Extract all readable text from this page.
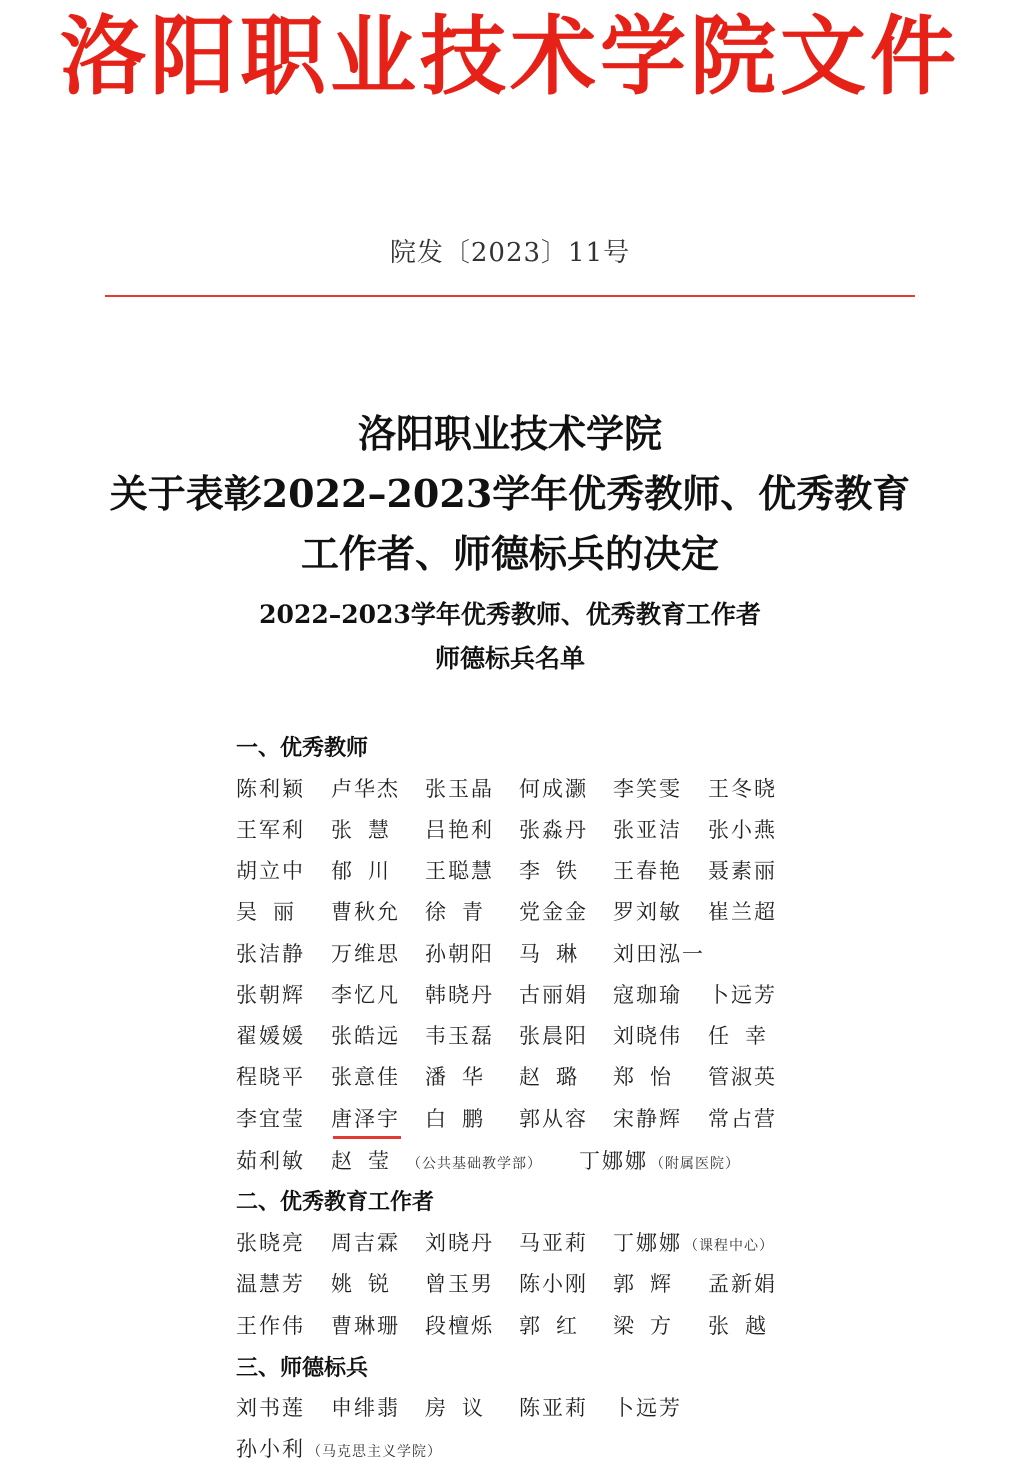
洛阳职业技术学院文件
院发〔2023〕11号
洛阳职业技术学院
关于表彰2022–2023学年优秀教师、优秀教育
工作者、师德标兵的决定
2022–2023学年优秀教师、优秀教育工作者
师德标兵名单
一、优秀教师
陈利颖 卢华杰 张玉晶 何成灏 李笑雯 王冬晓
王军利 张慧 吕艳利 张淼丹 张亚洁 张小燕
胡立中 郁川 王聪慧 李铁 王春艳 聂素丽
吴丽 曹秋允 徐青 党金金 罗刘敏 崔兰超
张洁静 万维思 孙朝阳 马琳 刘田泓一
张朝辉 李忆凡 韩晓丹 古丽娟 寇珈瑜 卜远芳
翟媛媛 张皓远 韦玉磊 张晨阳 刘晓伟 任幸
程晓平 张意佳 潘华 赵璐 郑怡 管淑英
李宜莹 唐泽宇 白鹏 郭从容 宋静辉 常占营
茹利敏 赵莹 （公共基础教学部） 丁娜娜 （附属医院）
二、优秀教育工作者
张晓亮 周吉霖 刘晓丹 马亚莉 丁娜娜 （课程中心）
温慧芳 姚锐 曾玉男 陈小刚 郭辉 孟新娟
王作伟 曹琳珊 段檀烁 郭红 梁方 张越
三、师德标兵
刘书莲 申绯翡 房议 陈亚莉 卜远芳
孙小利 （马克思主义学院）
